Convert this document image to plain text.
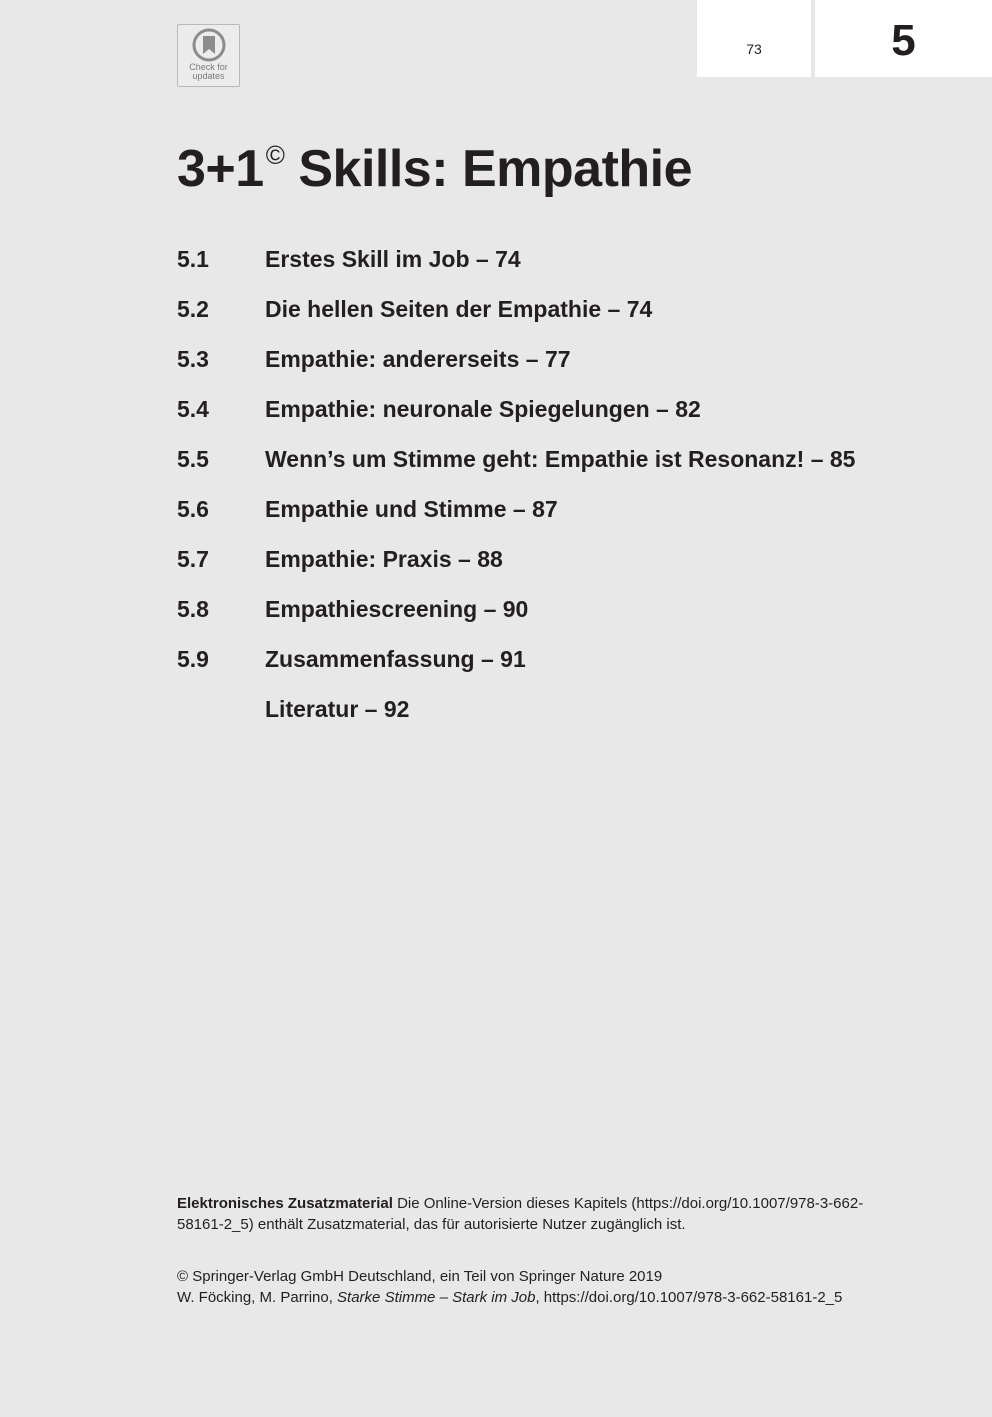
Check for
updates
73	5
3+1© Skills: Empathie
5.1	Erstes Skill im Job – 74
5.2	Die hellen Seiten der Empathie – 74
5.3	Empathie: andererseits – 77
5.4	Empathie: neuronale Spiegelungen – 82
5.5	Wenn’s um Stimme geht: Empathie ist Resonanz! – 85
5.6	Empathie und Stimme – 87
5.7	Empathie: Praxis – 88
5.8	Empathiescreening – 90
5.9	Zusammenfassung – 91
Literatur – 92
Elektronisches Zusatzmaterial Die Online-Version dieses Kapitels (https://doi.org/10.1007/978-3-662-58161-2_5) enthält Zusatzmaterial, das für autorisierte Nutzer zugänglich ist.
© Springer-Verlag GmbH Deutschland, ein Teil von Springer Nature 2019
W. Föcking, M. Parrino, Starke Stimme – Stark im Job, https://doi.org/10.1007/978-3-662-58161-2_5
